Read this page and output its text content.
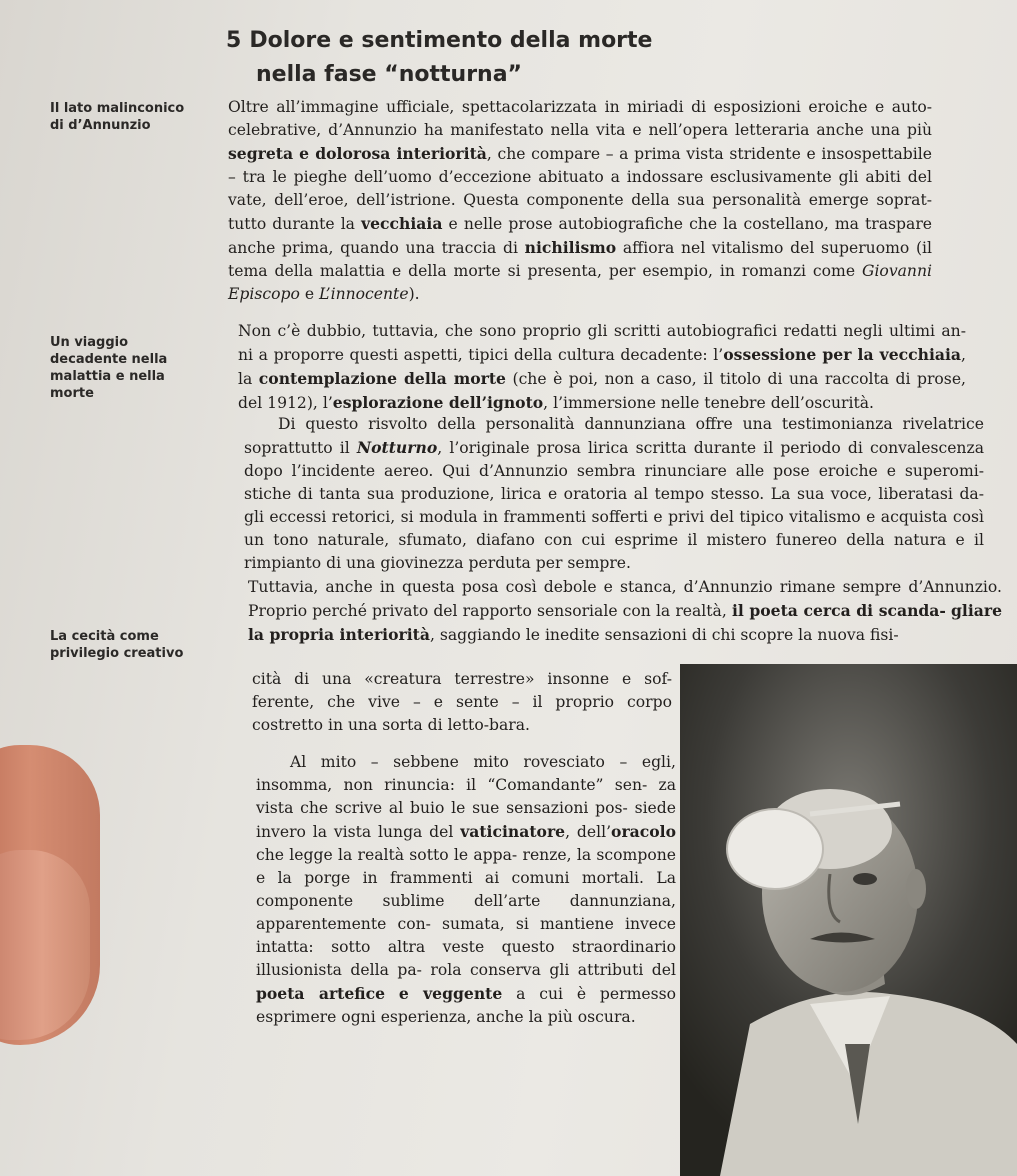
5 Dolore e sentimento della morte
nella fase “notturna”
Il lato malinconico di d’Annunzio
Un viaggio decadente nella malattia e nella morte
La cecità come privilegio creativo

Oltre all’immagine ufficiale, spettacolarizzata in miriadi di esposizioni eroiche e auto- celebrative, d’Annunzio ha manifestato nella vita e nell’opera letteraria anche una più segreta e dolorosa interiorità, che compare – a prima vista stridente e insospettabile – tra le pieghe dell’uomo d’eccezione abituato a indossare esclusivamente gli abiti del vate, dell’eroe, dell’istrione. Questa componente della sua personalità emerge soprat- tutto durante la vecchiaia e nelle prose autobiografiche che la costellano, ma traspare anche prima, quando una traccia di nichilismo affiora nel vitalismo del superuomo (il tema della malattia e della morte si presenta, per esempio, in romanzi come Giovanni Episcopo e L’innocente).

Non c’è dubbio, tuttavia, che sono proprio gli scritti autobiografici redatti negli ultimi an- ni a proporre questi aspetti, tipici della cultura decadente: l’ossessione per la vecchiaia, la contemplazione della morte (che è poi, non a caso, il titolo di una raccolta di prose, del 1912), l’esplorazione dell’ignoto, l’immersione nelle tenebre dell’oscurità.

Di questo risvolto della personalità dannunziana offre una testimonianza rivelatrice soprattutto il Notturno, l’originale prosa lirica scritta durante il periodo di convalescenza dopo l’incidente aereo. Qui d’Annunzio sembra rinunciare alle pose eroiche e superomi- stiche di tanta sua produzione, lirica e oratoria al tempo stesso. La sua voce, liberatasi da- gli eccessi retorici, si modula in frammenti sofferti e privi del tipico vitalismo e acquista così un tono naturale, sfumato, diafano con cui esprime il mistero funereo della natura e il rimpianto di una giovinezza perduta per sempre.

Tuttavia, anche in questa posa così debole e stanca, d’Annunzio rimane sempre d’Annunzio. Proprio perché privato del rapporto sensoriale con la realtà, il poeta cerca di scanda- gliare la propria interiorità, saggiando le inedite sensazioni di chi scopre la nuova fisi-

cità di una «creatura terrestre» insonne e sof- ferente, che vive – e sente – il proprio corpo costretto in una sorta di letto-bara.

Al mito – sebbene mito rovesciato – egli, insomma, non rinuncia: il “Comandante” sen- za vista che scrive al buio le sue sensazioni pos- siede invero la vista lunga del vaticinatore, dell’oracolo che legge la realtà sotto le appa- renze, la scompone e la porge in frammenti ai comuni mortali. La componente sublime dell’arte dannunziana, apparentemente con- sumata, si mantiene invece intatta: sotto altra veste questo straordinario illusionista della pa- rola conserva gli attributi del poeta artefice e veggente a cui è permesso esprimere ogni esperienza, anche la più oscura.
